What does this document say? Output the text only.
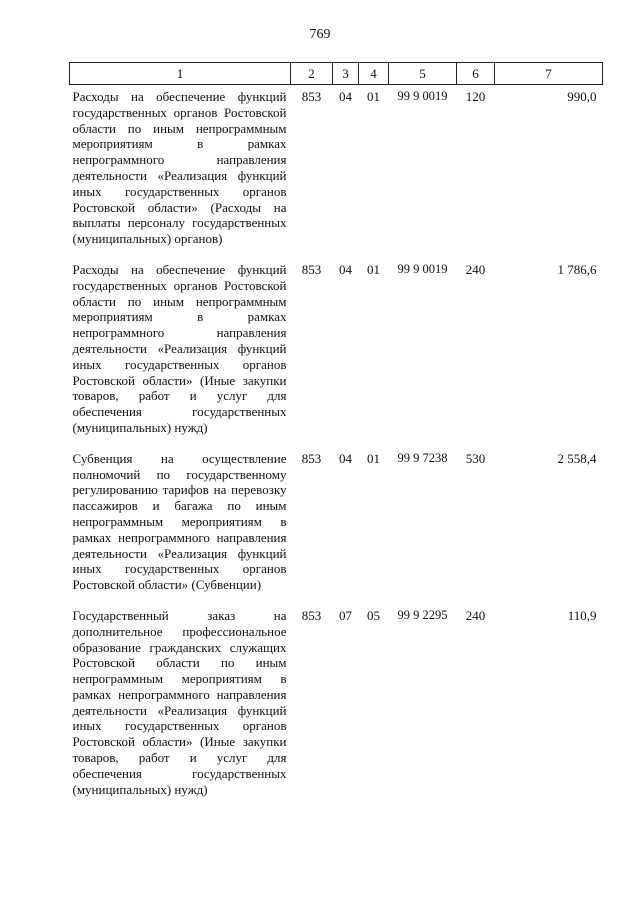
769
1	2	3	4	5	6	7

Расходы на обеспечение функций государственных органов Ростовской области по иным непрограммным мероприятиям в рамках непрограммного направления деятельности «Реализация функций иных государственных органов Ростовской области» (Расходы на выплаты персоналу государственных (муниципальных) органов)	853	04	01	99 9 0019	120	990,0
Расходы на обеспечение функций государственных органов Ростовской области по иным непрограммным мероприятиям в рамках непрограммного направления деятельности «Реализация функций иных государственных органов Ростовской области» (Иные закупки товаров, работ и услуг для обеспечения государственных (муниципальных) нужд)	853	04	01	99 9 0019	240	1 786,6
Субвенция на осуществление полномочий по государственному регулированию тарифов на перевозку пассажиров и багажа по иным непрограммным мероприятиям в рамках непрограммного направления деятельности «Реализация функций иных государственных органов Ростовской области» (Субвенции)	853	04	01	99 9 7238	530	2 558,4
Государственный заказ на дополнительное профессиональное образование гражданских служащих Ростовской области по иным непрограммным мероприятиям в рамках непрограммного направления деятельности «Реализация функций иных государственных органов Ростовской области» (Иные закупки товаров, работ и услуг для обеспечения государственных (муниципальных) нужд)	853	07	05	99 9 2295	240	110,9
